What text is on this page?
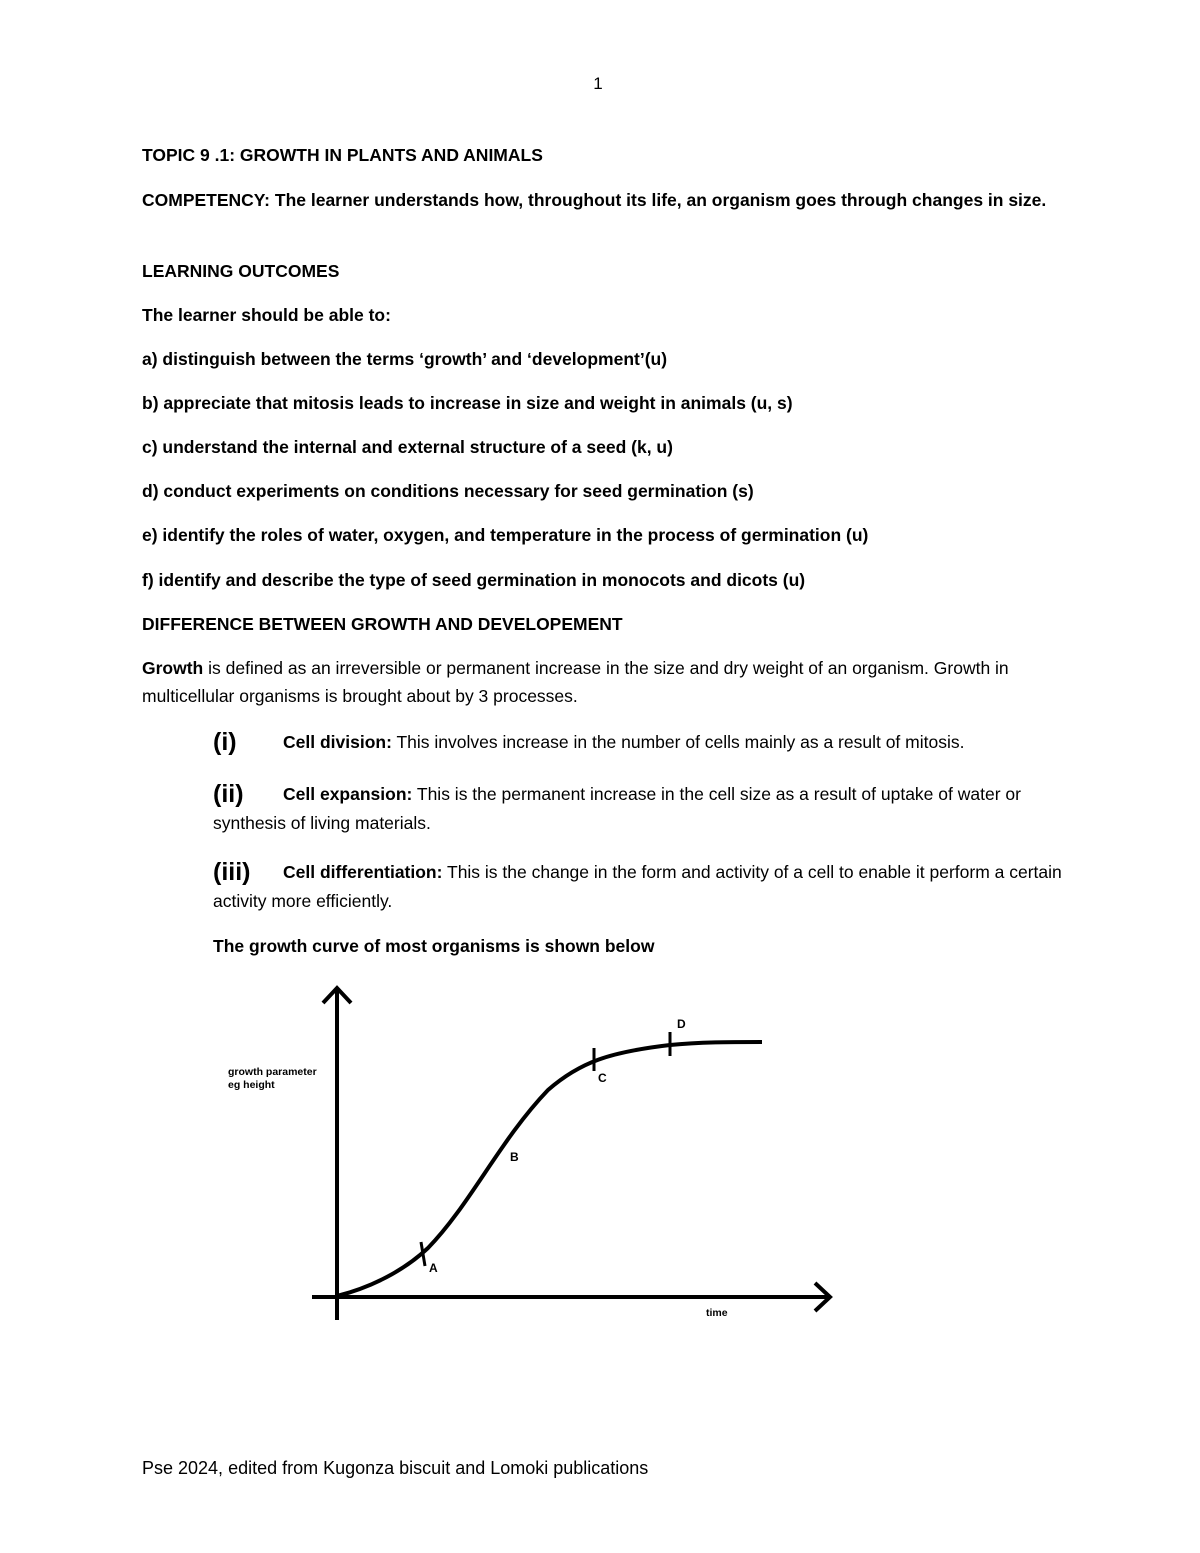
1
TOPIC 9 .1: GROWTH IN PLANTS AND ANIMALS
COMPETENCY: The learner understands how, throughout its life, an organism goes through changes in size.
LEARNING OUTCOMES
The learner should be able to:
a) distinguish between the terms ‘growth’ and ‘development’(u)
b) appreciate that mitosis leads to increase in size and weight in animals (u, s)
c) understand the internal and external structure of a seed (k, u)
d) conduct experiments on conditions necessary for seed germination (s)
e) identify the roles of water, oxygen, and temperature in the process of germination (u)
f) identify and describe the type of seed germination in monocots and dicots (u)
DIFFERENCE BETWEEN GROWTH AND DEVELOPEMENT
Growth is defined as an irreversible or permanent increase in the size and dry weight of an organism. Growth in multicellular organisms is brought about by 3 processes.
(i)	Cell division: This involves increase in the number of cells mainly as a result of mitosis.
(ii) Cell expansion: This is the permanent increase in the cell size as a result of uptake of water or synthesis of living materials.
(iii) Cell differentiation: This is the change in the form and activity of a cell to enable it perform a certain activity more efficiently.
The growth curve of most organisms is shown below
growth parameter
eg height
time
A
B
C
D
Pse 2024, edited from Kugonza biscuit and Lomoki publications
